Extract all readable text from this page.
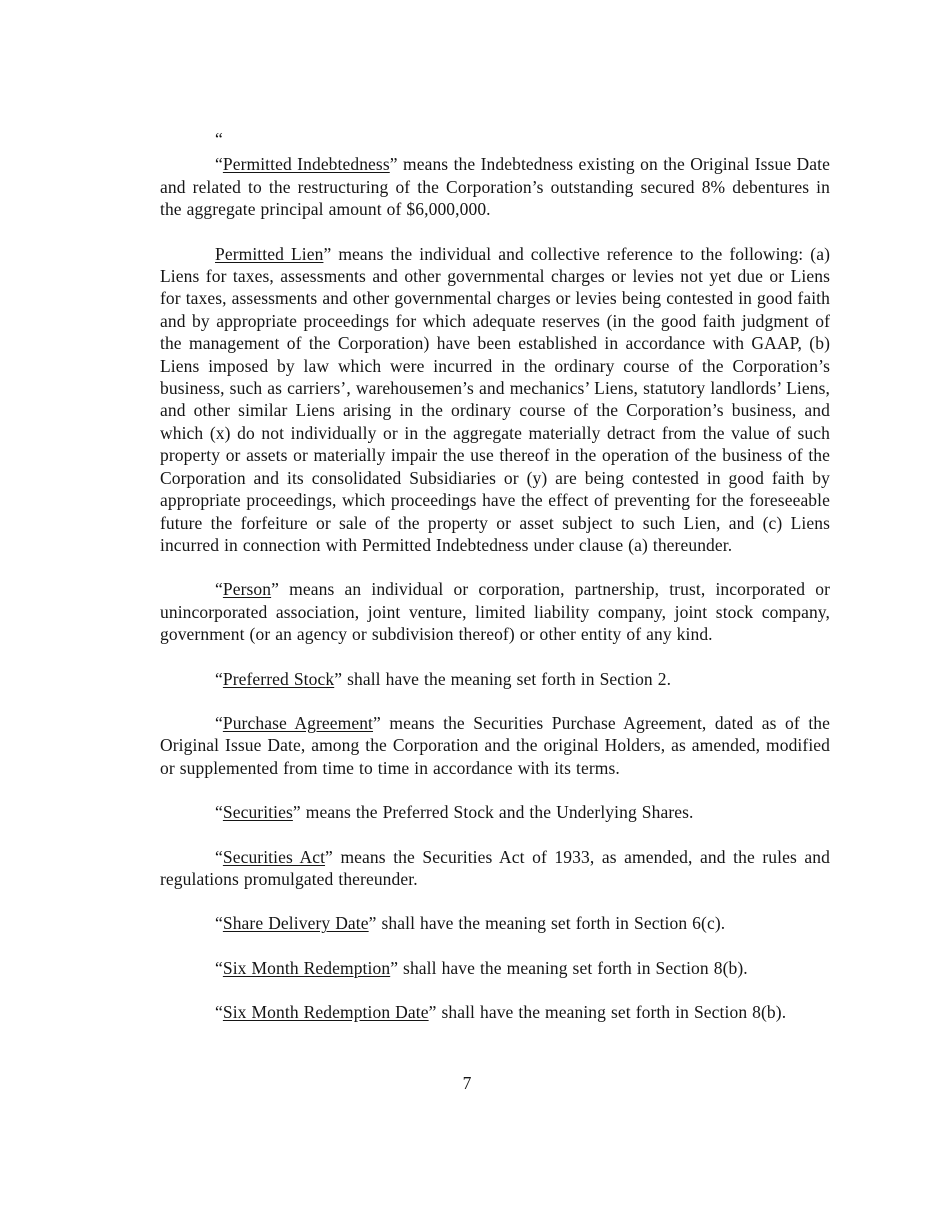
“

“Permitted Indebtedness” means the Indebtedness existing on the Original Issue Date and related to the restructuring of the Corporation’s outstanding secured 8% debentures in the aggregate principal amount of $6,000,000.

Permitted Lien” means the individual and collective reference to the following: (a) Liens for taxes, assessments and other governmental charges or levies not yet due or Liens for taxes, assessments and other governmental charges or levies being contested in good faith and by appropriate proceedings for which adequate reserves (in the good faith judgment of the management of the Corporation) have been established in accordance with GAAP, (b) Liens imposed by law which were incurred in the ordinary course of the Corporation’s business, such as carriers’, warehousemen’s and mechanics’ Liens, statutory landlords’ Liens, and other similar Liens arising in the ordinary course of the Corporation’s business, and which (x) do not individually or in the aggregate materially detract from the value of such property or assets or materially impair the use thereof in the operation of the business of the Corporation and its consolidated Subsidiaries or (y) are being contested in good faith by appropriate proceedings, which proceedings have the effect of preventing for the foreseeable future the forfeiture or sale of the property or asset subject to such Lien, and (c) Liens incurred in connection with Permitted Indebtedness under clause (a) thereunder.

“Person” means an individual or corporation, partnership, trust, incorporated or unincorporated association, joint venture, limited liability company, joint stock company, government (or an agency or subdivision thereof) or other entity of any kind.

“Preferred Stock” shall have the meaning set forth in Section 2.

“Purchase Agreement” means the Securities Purchase Agreement, dated as of the Original Issue Date, among the Corporation and the original Holders, as amended, modified or supplemented from time to time in accordance with its terms.

“Securities” means the Preferred Stock and the Underlying Shares.

“Securities Act” means the Securities Act of 1933, as amended, and the rules and regulations promulgated thereunder.

“Share Delivery Date” shall have the meaning set forth in Section 6(c).

“Six Month Redemption” shall have the meaning set forth in Section 8(b).

“Six Month Redemption Date” shall have the meaning set forth in Section 8(b).

7
